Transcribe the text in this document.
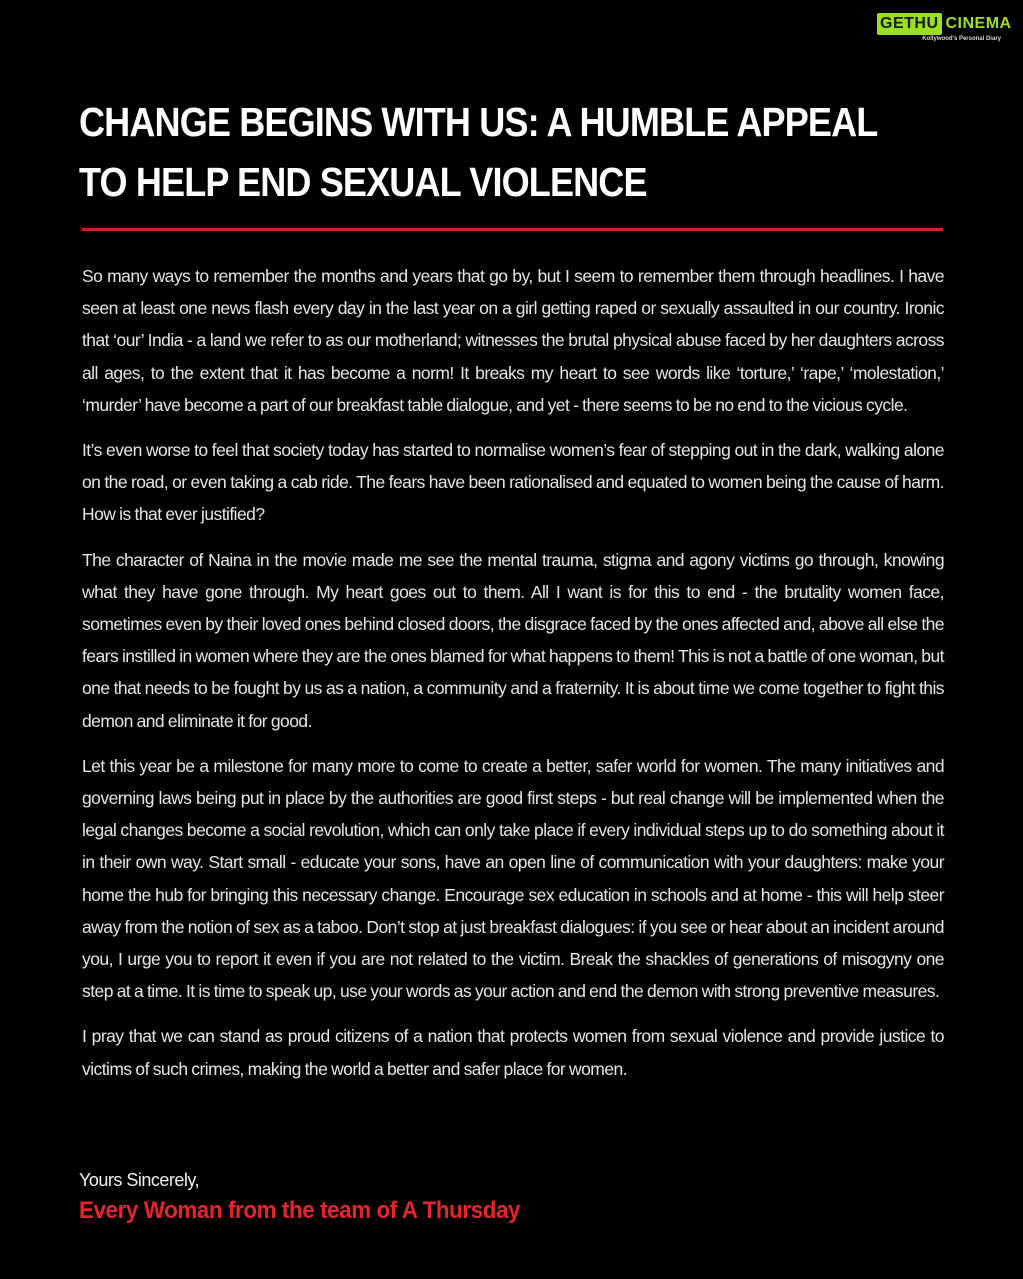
GETHU CINEMA
Kollywood's Personal Diary
CHANGE BEGINS WITH US: A HUMBLE APPEAL
TO HELP END SEXUAL VIOLENCE

So many ways to remember the months and years that go by, but I seem to remember them through headlines. I have seen at least one news flash every day in the last year on a girl getting raped or sexually assaulted in our country. Ironic that ‘our’ India - a land we refer to as our motherland; witnesses the brutal physical abuse faced by her daughters across all ages, to the extent that it has become a norm! It breaks my heart to see words like ‘torture,’ ‘rape,’ ‘molestation,’ ‘murder’ have become a part of our breakfast table dialogue, and yet - there seems to be no end to the vicious cycle.

It’s even worse to feel that society today has started to normalise women’s fear of stepping out in the dark, walking alone on the road, or even taking a cab ride. The fears have been rationalised and equated to women being the cause of harm. How is that ever justified?

The character of Naina in the movie made me see the mental trauma, stigma and agony victims go through, knowing what they have gone through. My heart goes out to them. All I want is for this to end - the brutality women face, sometimes even by their loved ones behind closed doors, the disgrace faced by the ones affected and, above all else the fears instilled in women where they are the ones blamed for what happens to them! This is not a battle of one woman, but one that needs to be fought by us as a nation, a community and a fraternity. It is about time we come together to fight this demon and eliminate it for good.

Let this year be a milestone for many more to come to create a better, safer world for women. The many initiatives and governing laws being put in place by the authorities are good first steps - but real change will be implemented when the legal changes become a social revolution, which can only take place if every individual steps up to do something about it in their own way. Start small - educate your sons, have an open line of communication with your daughters: make your home the hub for bringing this necessary change. Encourage sex education in schools and at home - this will help steer away from the notion of sex as a taboo. Don’t stop at just breakfast dialogues: if you see or hear about an incident around you, I urge you to report it even if you are not related to the victim. Break the shackles of generations of misogyny one step at a time. It is time to speak up, use your words as your action and end the demon with strong preventive measures.

I pray that we can stand as proud citizens of a nation that protects women from sexual violence and provide justice to victims of such crimes, making the world a better and safer place for women.

Yours Sincerely,
Every Woman from the team of A Thursday
